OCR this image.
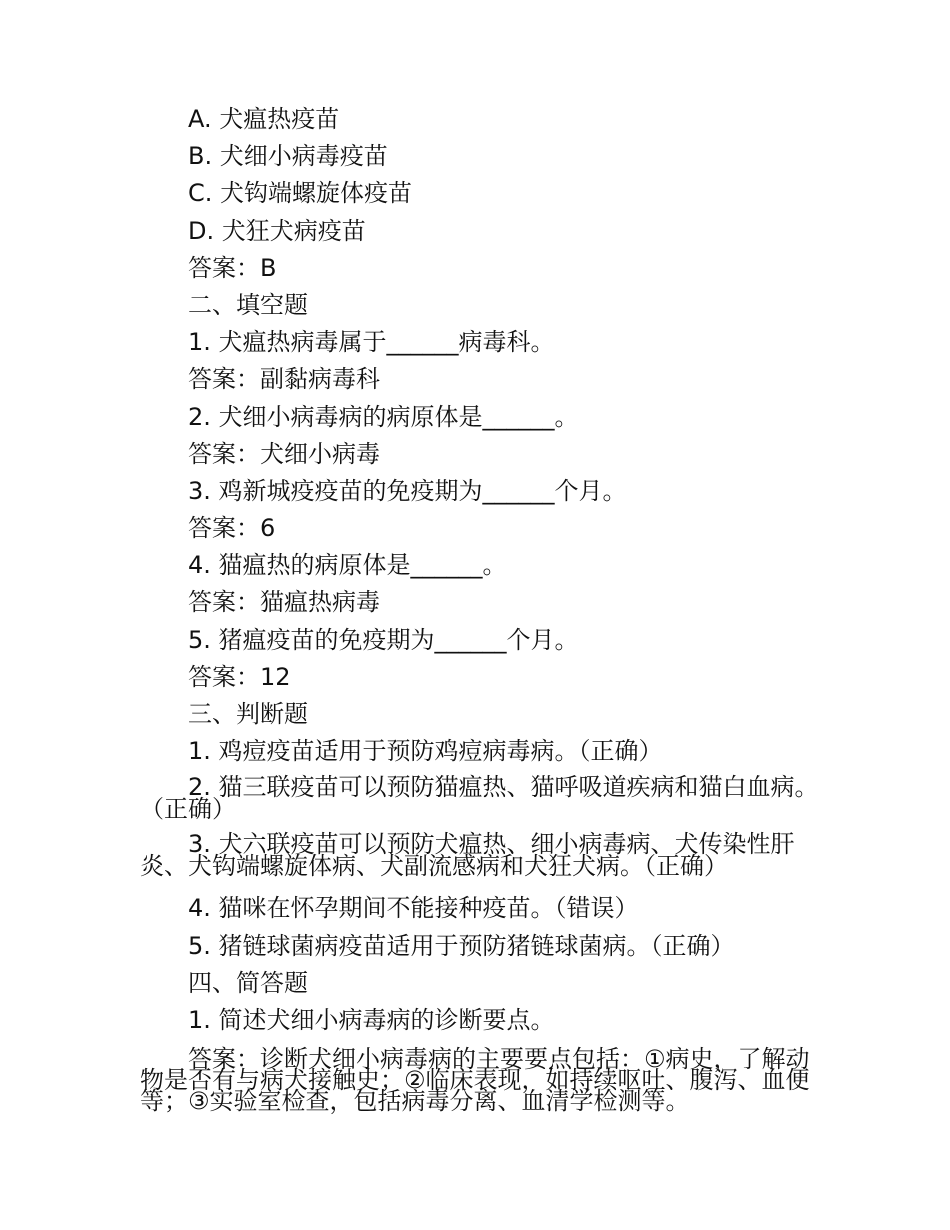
A. 犬瘟热疫苗
B. 犬细小病毒疫苗
C. 犬钩端螺旋体疫苗
D. 犬狂犬病疫苗
答案：B
二、填空题
1. 犬瘟热病毒属于______病毒科。
答案：副黏病毒科
2. 犬细小病毒病的病原体是______。
答案：犬细小病毒
3. 鸡新城疫疫苗的免疫期为______个月。
答案：6
4. 猫瘟热的病原体是______。
答案：猫瘟热病毒
5. 猪瘟疫苗的免疫期为______个月。
答案：12
三、判断题
1. 鸡痘疫苗适用于预防鸡痘病毒病。（正确）
2. 猫三联疫苗可以预防猫瘟热、猫呼吸道疾病和猫白血病。（正确）
3. 犬六联疫苗可以预防犬瘟热、细小病毒病、犬传染性肝炎、犬钩端螺旋体病、犬副流感病和犬狂犬病。（正确）
4. 猫咪在怀孕期间不能接种疫苗。（错误）
5. 猪链球菌病疫苗适用于预防猪链球菌病。（正确）
四、简答题
1. 简述犬细小病毒病的诊断要点。
答案：诊断犬细小病毒病的主要要点包括：①病史，了解动物是否有与病犬接触史；②临床表现，如持续呕吐、腹泻、血便等；③实验室检查，包括病毒分离、血清学检测等。
